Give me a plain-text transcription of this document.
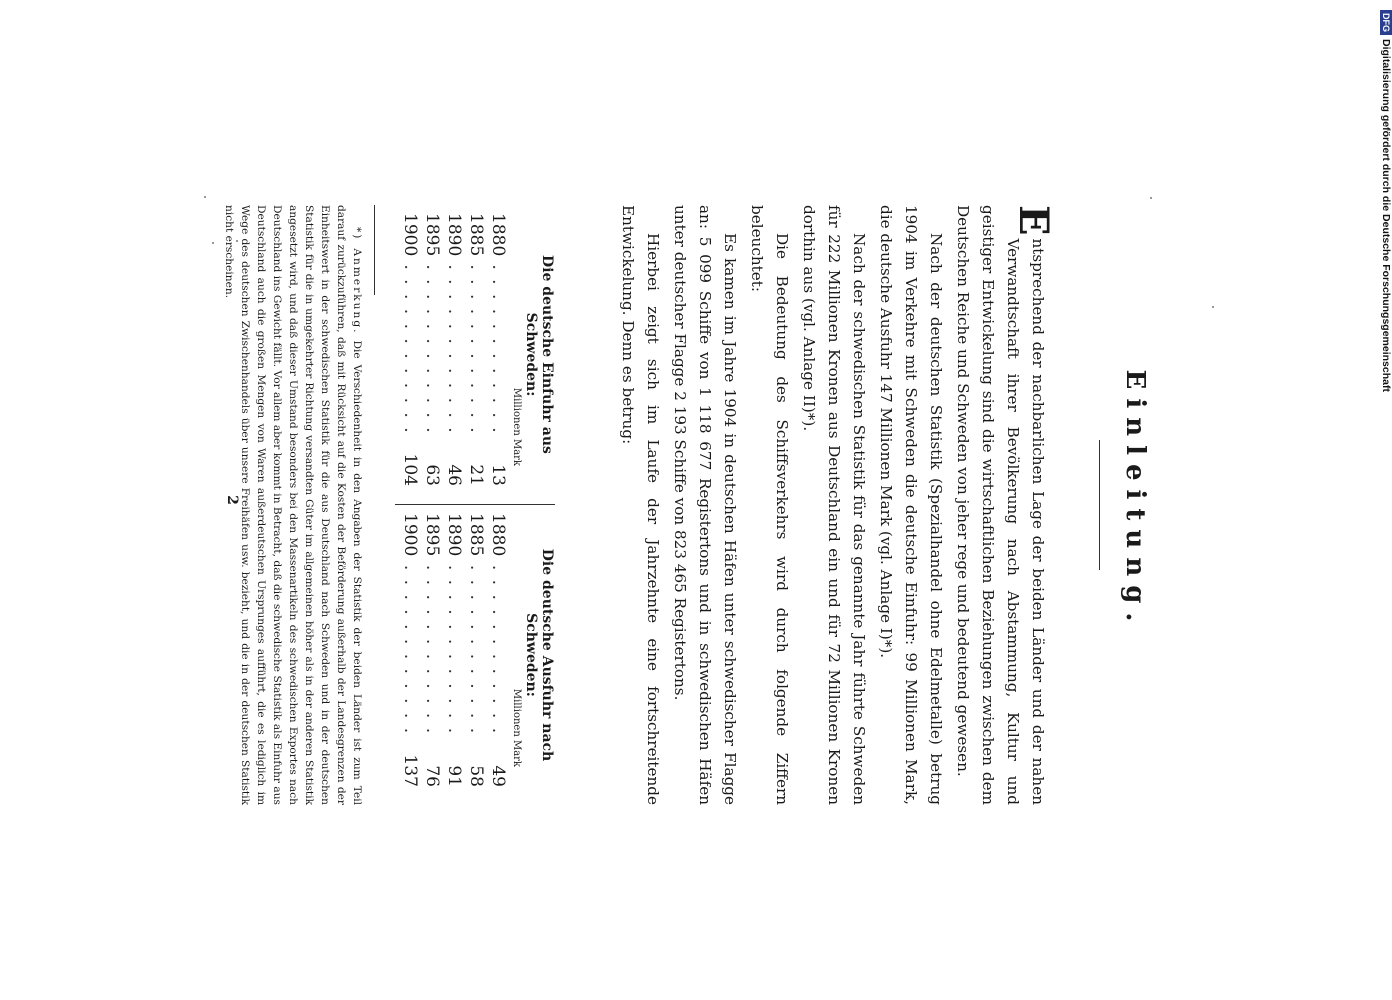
Einleitung.

E
ntsprechend der nachbarlichen Lage der beiden Länder und der nahen Verwandtschaft ihrer Bevölkerung nach Abstammung, Kultur und geistiger Entwickelung sind die wirtschaftlichen Beziehungen zwischen dem Deutschen Reiche und Schweden von jeher rege und bedeutend gewesen.

Nach der deutschen Statistik (Spezialhandel ohne Edelmetalle) betrug 1904 im Verkehre mit Schweden die deutsche Einfuhr: 99 Millionen Mark, die deutsche Ausfuhr 147 Millionen Mark (vgl. Anlage I)*).

Nach der schwedischen Statistik für das genannte Jahr führte Schweden für 222 Millionen Kronen aus Deutschland ein und für 72 Millionen Kronen dorthin aus (vgl. Anlage II)*).

Die Bedeutung des Schiffsverkehrs wird durch folgende Ziffern beleuchtet:

Es kamen im Jahre 1904 in deutschen Häfen unter schwedischer Flagge an: 5 099 Schiffe von 1 118 677 Registertons und in schwedischen Häfen unter deutscher Flagge 2 193 Schiffe von 823 465 Registertons.

Hierbei zeigt sich im Laufe der Jahrzehnte eine fortschreitende Entwickelung. Denn es betrug:

Die deutsche Einfuhr aus Schweden:
Millionen Mark
1880
. . . . . . . . . . . .
13
1885
. . . . . . . . . . . .
21
1890
. . . . . . . . . . . .
46
1895
. . . . . . . . . . . .
63
1900
. . . . . . . . . . . .
104
Die deutsche Ausfuhr nach Schweden:
Millionen Mark
1880
. . . . . . . . . . . .
49
1885
. . . . . . . . . . . .
58
1890
. . . . . . . . . . . .
91
1895
. . . . . . . . . . . .
76
1900
. . . . . . . . . . . .
137

*) Anmerkung. Die Verschiedenheit in den Angaben der Statistik der beiden Länder ist zum Teil darauf zurückzuführen, daß mit Rücksicht auf die Kosten der Beförderung außerhalb der Landesgrenzen der Einheitswert in der schwedischen Statistik für die aus Deutschland nach Schweden und in der deutschen Statistik für die in umgekehrter Richtung versandten Güter im allgemeinen höher als in der anderen Statistik angesetzt wird, und daß dieser Umstand besonders bei den Massenartikeln des schwedischen Exportes nach Deutschland ins Gewicht fällt. Vor allem aber kommt in Betracht, daß die schwedische Statistik als Einfuhr aus Deutschland auch die großen Mengen von Waren außerdeutschen Ursprunges aufführt, die es lediglich im Wege des deutschen Zwischenhandels über unsere Freihäfen usw. bezieht, und die in der deutschen Statistik nicht erscheinen.

2
DFGDigitalisierung gefördert durch die Deutsche Forschungsgemeinschaft
